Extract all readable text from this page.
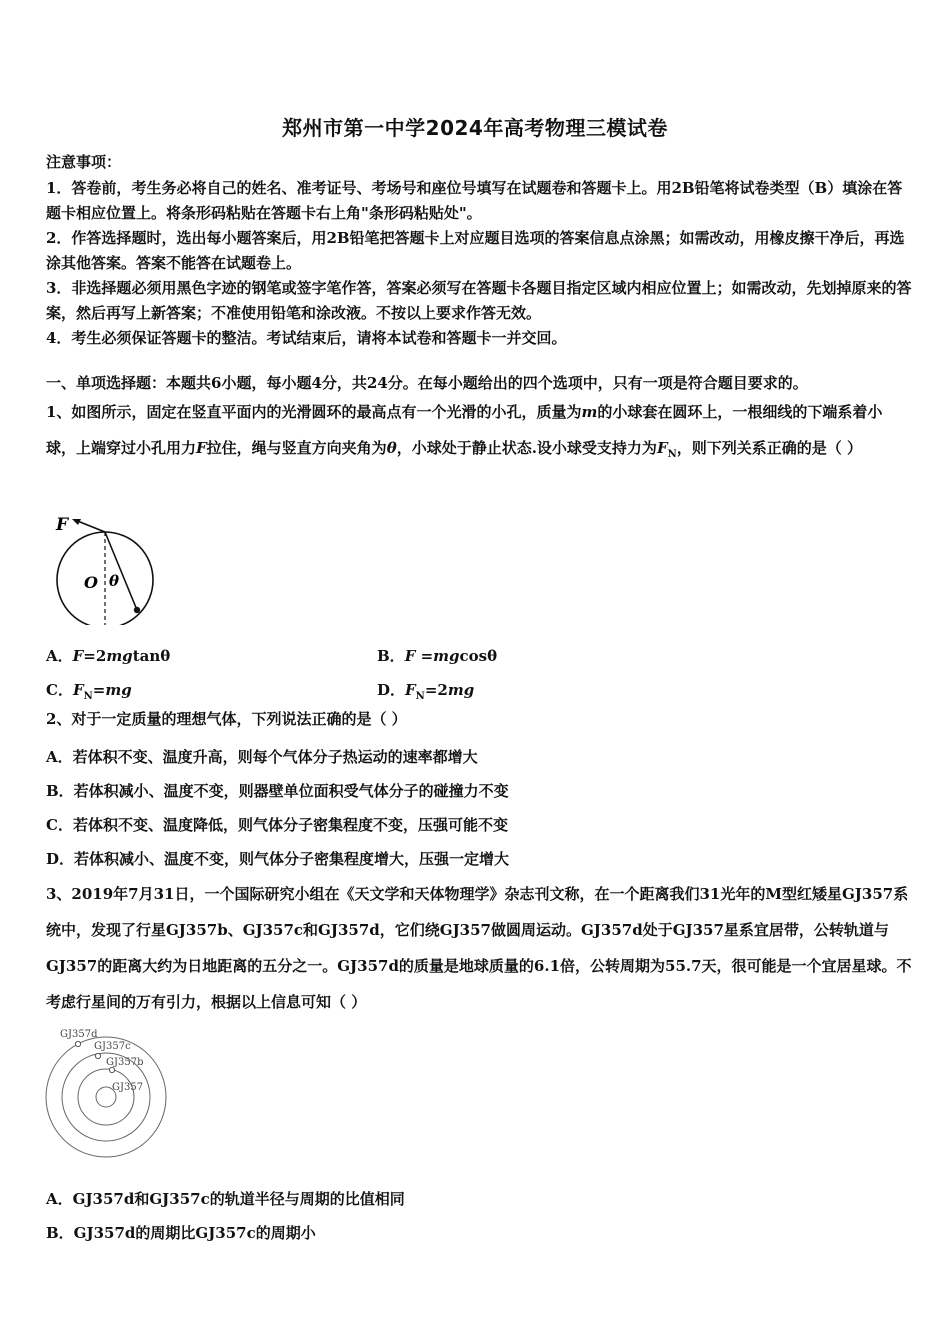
郑州市第一中学2024年高考物理三模试卷
注意事项：
1．答卷前，考生务必将自己的姓名、准考证号、考场号和座位号填写在试题卷和答题卡上。用2B铅笔将试卷类型（B）填涂在答题卡相应位置上。将条形码粘贴在答题卡右上角"条形码粘贴处"。
2．作答选择题时，选出每小题答案后，用2B铅笔把答题卡上对应题目选项的答案信息点涂黑；如需改动，用橡皮擦干净后，再选涂其他答案。答案不能答在试题卷上。
3．非选择题必须用黑色字迹的钢笔或签字笔作答，答案必须写在答题卡各题目指定区域内相应位置上；如需改动，先划掉原来的答案，然后再写上新答案；不准使用铅笔和涂改液。不按以上要求作答无效。
4．考生必须保证答题卡的整洁。考试结束后，请将本试卷和答题卡一并交回。
一、单项选择题：本题共6小题，每小题4分，共24分。在每小题给出的四个选项中，只有一项是符合题目要求的。
1、如图所示，固定在竖直平面内的光滑圆环的最高点有一个光滑的小孔，质量为m的小球套在圆环上，一根细线的下端系着小球，上端穿过小孔用力F拉住，绳与竖直方向夹角为θ，小球处于静止状态.设小球受支持力为$F_N$，则下列关系正确的是（ ）
F
O θ
A．F=2mgtanθ	B．F =mgcosθ
C．$F_N=mg$	D．$F_N=2mg$
2、对于一定质量的理想气体，下列说法正确的是（ ）
A．若体积不变、温度升高，则每个气体分子热运动的速率都增大
B．若体积减小、温度不变，则器壁单位面积受气体分子的碰撞力不变
C．若体积不变、温度降低，则气体分子密集程度不变，压强可能不变
D．若体积减小、温度不变，则气体分子密集程度增大，压强一定增大
3、2019年7月31日，一个国际研究小组在《天文学和天体物理学》杂志刊文称，在一个距离我们31光年的M型红矮星GJ357系统中，发现了行星GJ357b、GJ357c和GJ357d，它们绕GJ357做圆周运动。GJ357d处于GJ357星系宜居带，公转轨道与GJ357的距离大约为日地距离的五分之一。GJ357d的质量是地球质量的6.1倍，公转周期为55.7天，很可能是一个宜居星球。不考虑行星间的万有引力，根据以上信息可知（ ）
GJ357d
GJ357c
GJ357b
GJ357
A．GJ357d和GJ357c的轨道半径与周期的比值相同
B．GJ357d的周期比GJ357c的周期小
